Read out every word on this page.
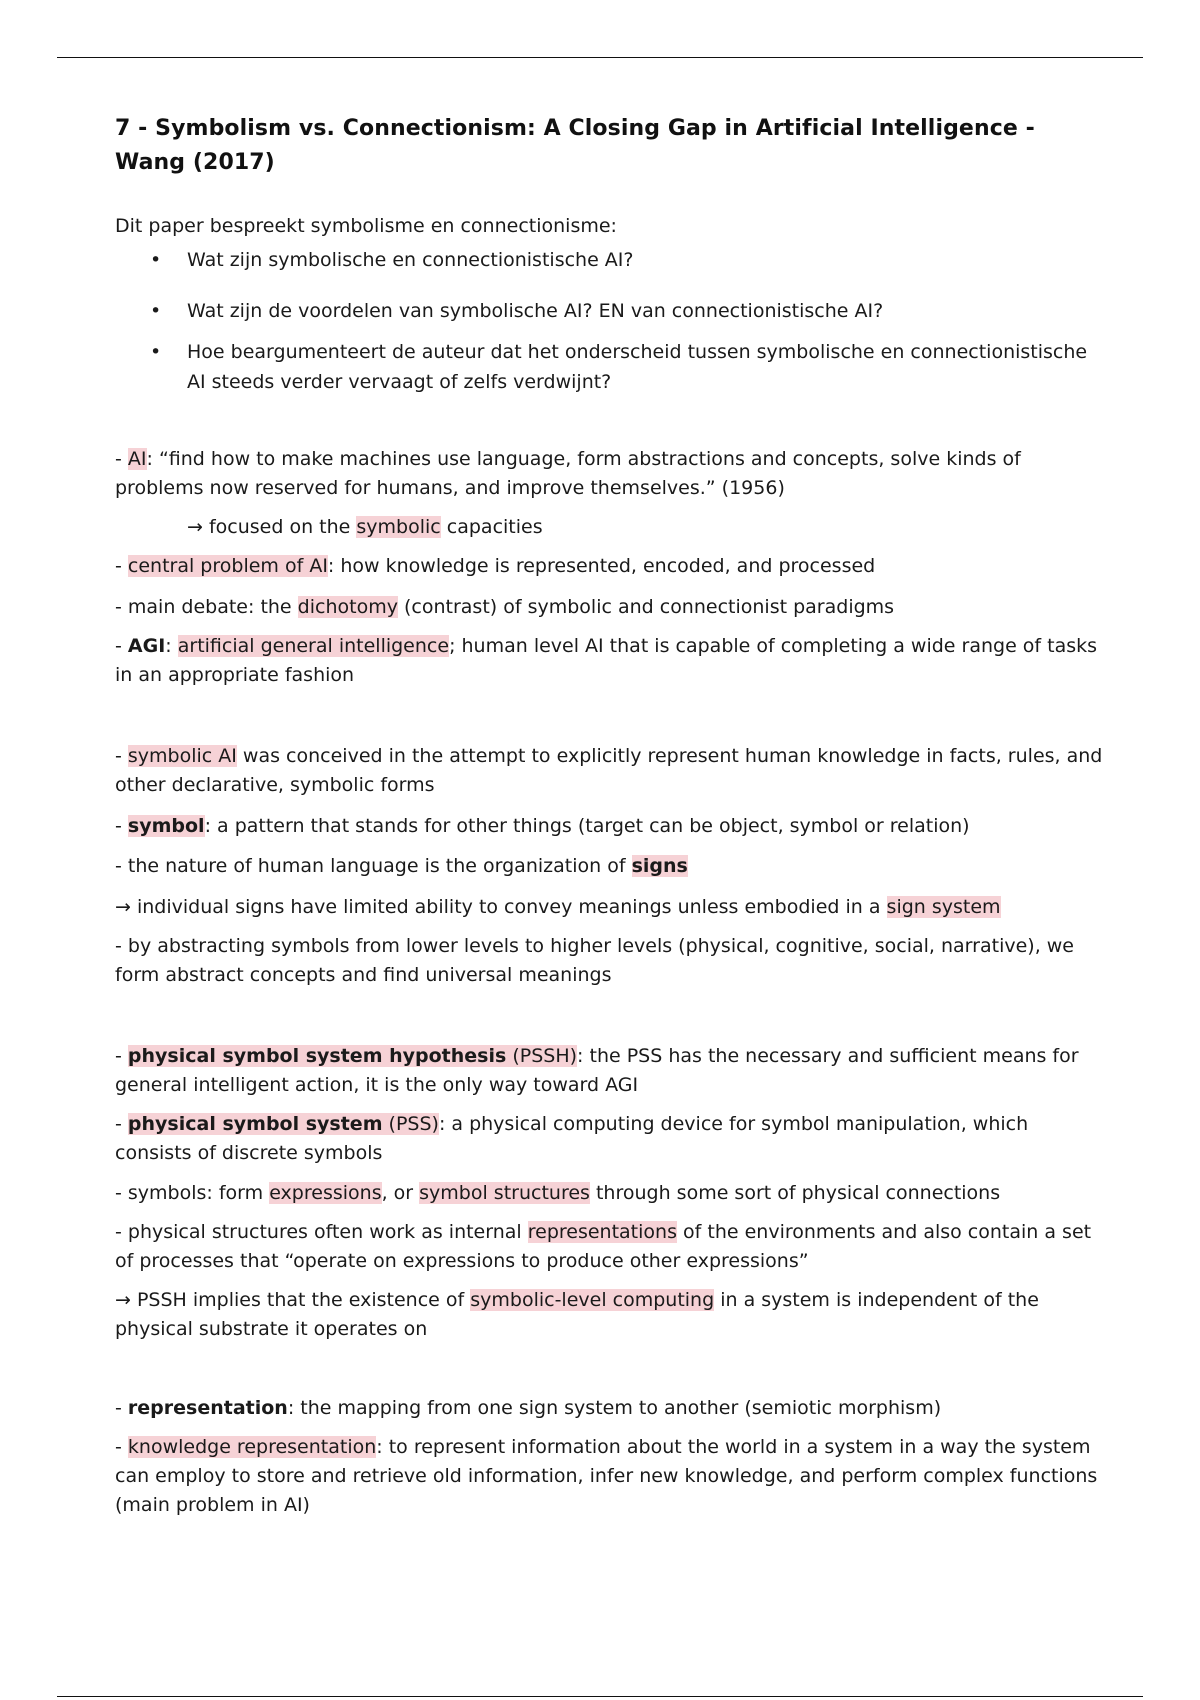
7 - Symbolism vs. Connectionism: A Closing Gap in Artificial Intelligence - Wang (2017)

Dit paper bespreekt symbolisme en connectionisme:

• Wat zijn symbolische en connectionistische AI?
• Wat zijn de voordelen van symbolische AI? EN van connectionistische AI?
• Hoe beargumenteert de auteur dat het onderscheid tussen symbolische en connectionistische AI steeds verder vervaagt of zelfs verdwijnt?

- AI: “find how to make machines use language, form abstractions and concepts, solve kinds of problems now reserved for humans, and improve themselves.” (1956)

→ focused on the symbolic capacities

- central problem of AI: how knowledge is represented, encoded, and processed

- main debate: the dichotomy (contrast) of symbolic and connectionist paradigms

- AGI: artificial general intelligence; human level AI that is capable of completing a wide range of tasks in an appropriate fashion

- symbolic AI was conceived in the attempt to explicitly represent human knowledge in facts, rules, and other declarative, symbolic forms

- symbol: a pattern that stands for other things (target can be object, symbol or relation)

- the nature of human language is the organization of signs

→ individual signs have limited ability to convey meanings unless embodied in a sign system

- by abstracting symbols from lower levels to higher levels (physical, cognitive, social, narrative), we form abstract concepts and find universal meanings

- physical symbol system hypothesis (PSSH): the PSS has the necessary and sufficient means for general intelligent action, it is the only way toward AGI

- physical symbol system (PSS): a physical computing device for symbol manipulation, which consists of discrete symbols

- symbols: form expressions, or symbol structures through some sort of physical connections

- physical structures often work as internal representations of the environments and also contain a set of processes that “operate on expressions to produce other expressions”

→ PSSH implies that the existence of symbolic-level computing in a system is independent of the physical substrate it operates on

- representation: the mapping from one sign system to another (semiotic morphism)

- knowledge representation: to represent information about the world in a system in a way the system can employ to store and retrieve old information, infer new knowledge, and perform complex functions (main problem in AI)
